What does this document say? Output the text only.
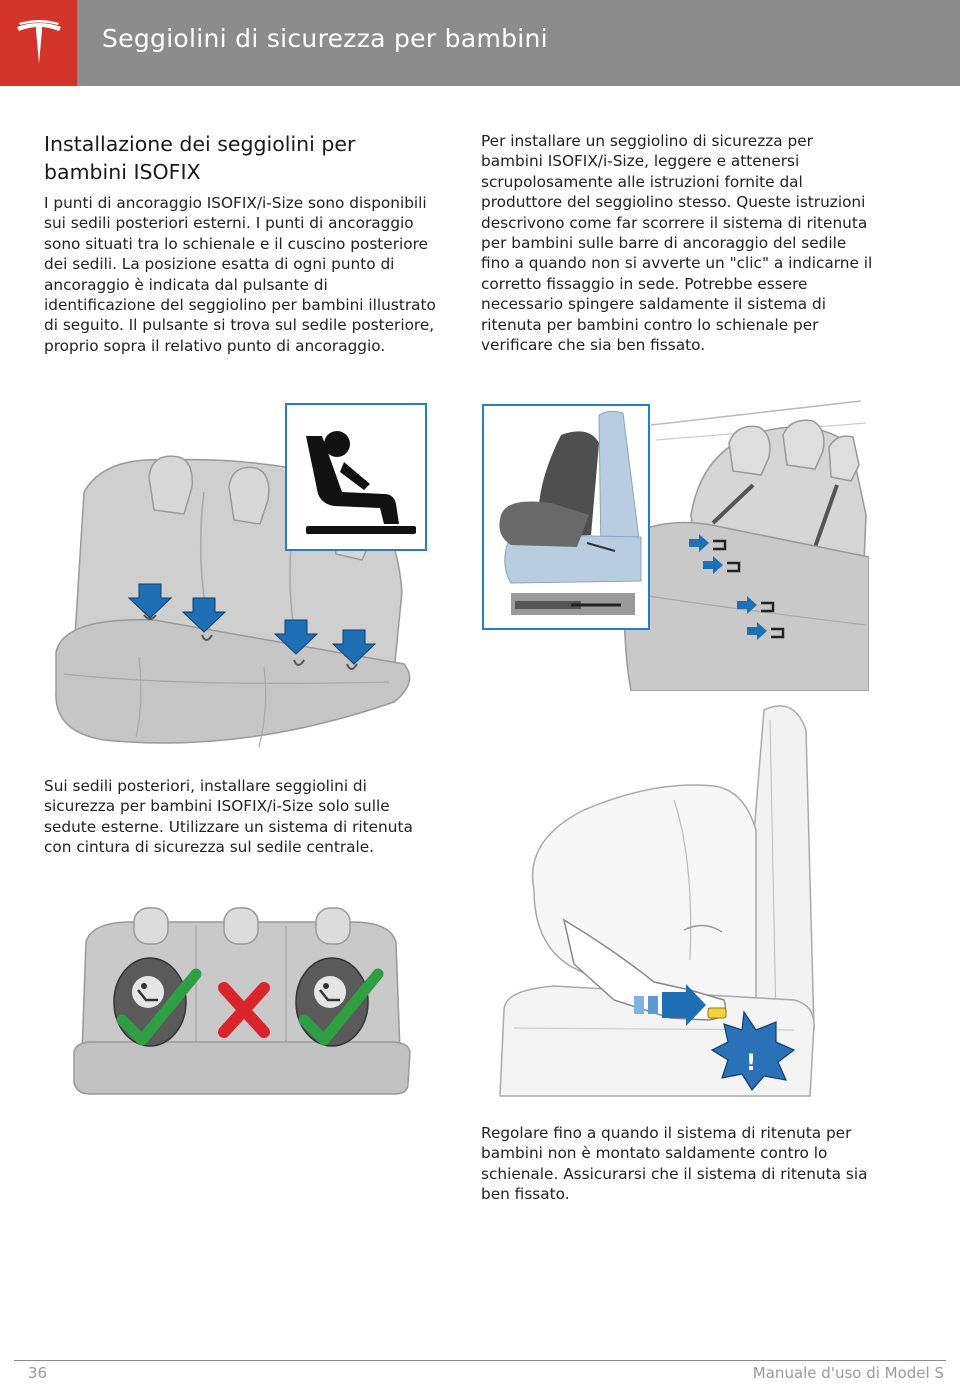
Seggiolini di sicurezza per bambini
Installazione dei seggiolini per bambini ISOFIX
I punti di ancoraggio ISOFIX/i-Size sono disponibili sui sedili posteriori esterni. I punti di ancoraggio sono situati tra lo schienale e il cuscino posteriore dei sedili. La posizione esatta di ogni punto di ancoraggio è indicata dal pulsante di identificazione del seggiolino per bambini illustrato di seguito. Il pulsante si trova sul sedile posteriore, proprio sopra il relativo punto di ancoraggio.
Sui sedili posteriori, installare seggiolini di sicurezza per bambini ISOFIX/i-Size solo sulle sedute esterne. Utilizzare un sistema di ritenuta con cintura di sicurezza sul sedile centrale.
Per installare un seggiolino di sicurezza per bambini ISOFIX/i-Size, leggere e attenersi scrupolosamente alle istruzioni fornite dal produttore del seggiolino stesso. Queste istruzioni descrivono come far scorrere il sistema di ritenuta per bambini sulle barre di ancoraggio del sedile fino a quando non si avverte un "clic" a indicarne il corretto fissaggio in sede. Potrebbe essere necessario spingere saldamente il sistema di ritenuta per bambini contro lo schienale per verificare che sia ben fissato.
!
Regolare fino a quando il sistema di ritenuta per bambini non è montato saldamente contro lo schienale. Assicurarsi che il sistema di ritenuta sia ben fissato.
36	Manuale d'uso di Model S
